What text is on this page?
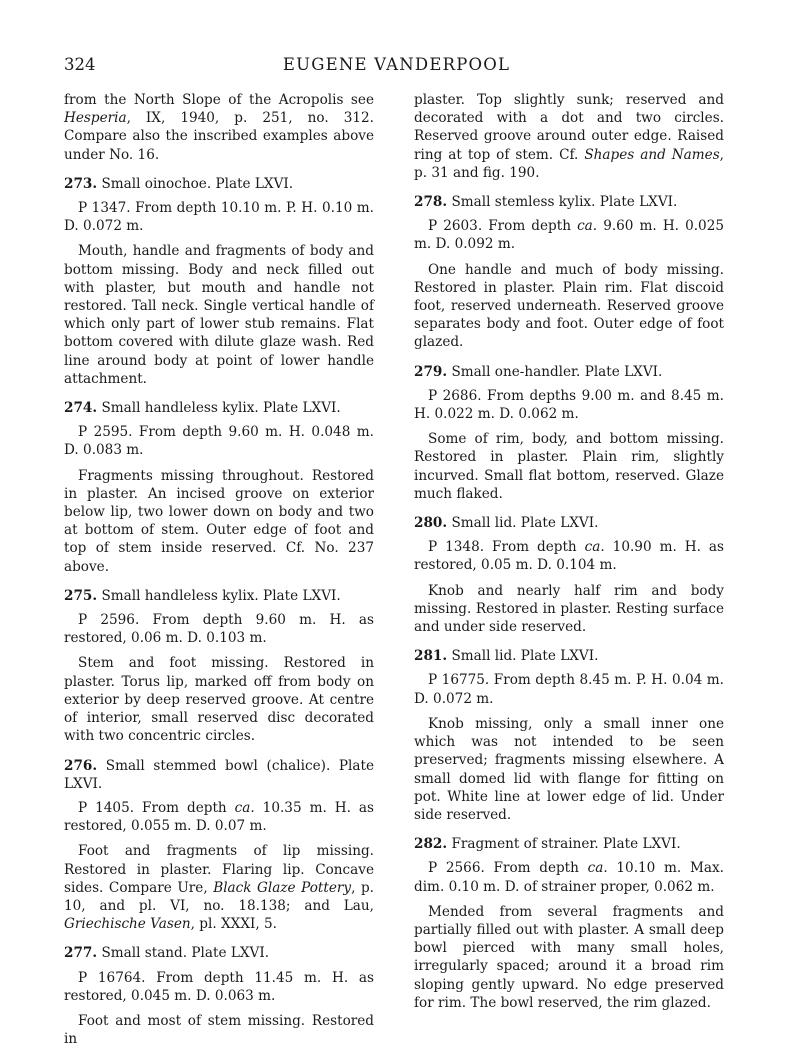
324	EUGENE VANDERPOOL

from the North Slope of the Acropolis see Hesperia, IX, 1940, p. 251, no. 312. Compare also the inscribed examples above under No. 16.

273. Small oinochoe. Plate LXVI.

P 1347. From depth 10.10 m. P. H. 0.10 m. D. 0.072 m.

Mouth, handle and fragments of body and bottom missing. Body and neck filled out with plaster, but mouth and handle not restored. Tall neck. Single vertical handle of which only part of lower stub remains. Flat bottom covered with dilute glaze wash. Red line around body at point of lower handle attachment.

274. Small handleless kylix. Plate LXVI.

P 2595. From depth 9.60 m. H. 0.048 m. D. 0.083 m.

Fragments missing throughout. Restored in plaster. An incised groove on exterior below lip, two lower down on body and two at bottom of stem. Outer edge of foot and top of stem inside reserved. Cf. No. 237 above.

275. Small handleless kylix. Plate LXVI.

P 2596. From depth 9.60 m. H. as restored, 0.06 m. D. 0.103 m.

Stem and foot missing. Restored in plaster. Torus lip, marked off from body on exterior by deep reserved groove. At centre of interior, small reserved disc decorated with two concentric circles.

276. Small stemmed bowl (chalice). Plate LXVI.

P 1405. From depth ca. 10.35 m. H. as restored, 0.055 m. D. 0.07 m.

Foot and fragments of lip missing. Restored in plaster. Flaring lip. Concave sides. Compare Ure, Black Glaze Pottery, p. 10, and pl. VI, no. 18.138; and Lau, Griechische Vasen, pl. XXXI, 5.

277. Small stand. Plate LXVI.

P 16764. From depth 11.45 m. H. as restored, 0.045 m. D. 0.063 m.

Foot and most of stem missing. Restored in

plaster. Top slightly sunk; reserved and decorated with a dot and two circles. Reserved groove around outer edge. Raised ring at top of stem. Cf. Shapes and Names, p. 31 and fig. 190.

278. Small stemless kylix. Plate LXVI.

P 2603. From depth ca. 9.60 m. H. 0.025 m. D. 0.092 m.

One handle and much of body missing. Restored in plaster. Plain rim. Flat discoid foot, reserved underneath. Reserved groove separates body and foot. Outer edge of foot glazed.

279. Small one-handler. Plate LXVI.

P 2686. From depths 9.00 m. and 8.45 m. H. 0.022 m. D. 0.062 m.

Some of rim, body, and bottom missing. Restored in plaster. Plain rim, slightly incurved. Small flat bottom, reserved. Glaze much flaked.

280. Small lid. Plate LXVI.

P 1348. From depth ca. 10.90 m. H. as restored, 0.05 m. D. 0.104 m.

Knob and nearly half rim and body missing. Restored in plaster. Resting surface and under side reserved.

281. Small lid. Plate LXVI.

P 16775. From depth 8.45 m. P. H. 0.04 m. D. 0.072 m.

Knob missing, only a small inner one which was not intended to be seen preserved; fragments missing elsewhere. A small domed lid with flange for fitting on pot. White line at lower edge of lid. Under side reserved.

282. Fragment of strainer. Plate LXVI.

P 2566. From depth ca. 10.10 m. Max. dim. 0.10 m. D. of strainer proper, 0.062 m.

Mended from several fragments and partially filled out with plaster. A small deep bowl pierced with many small holes, irregularly spaced; around it a broad rim sloping gently upward. No edge preserved for rim. The bowl reserved, the rim glazed.
